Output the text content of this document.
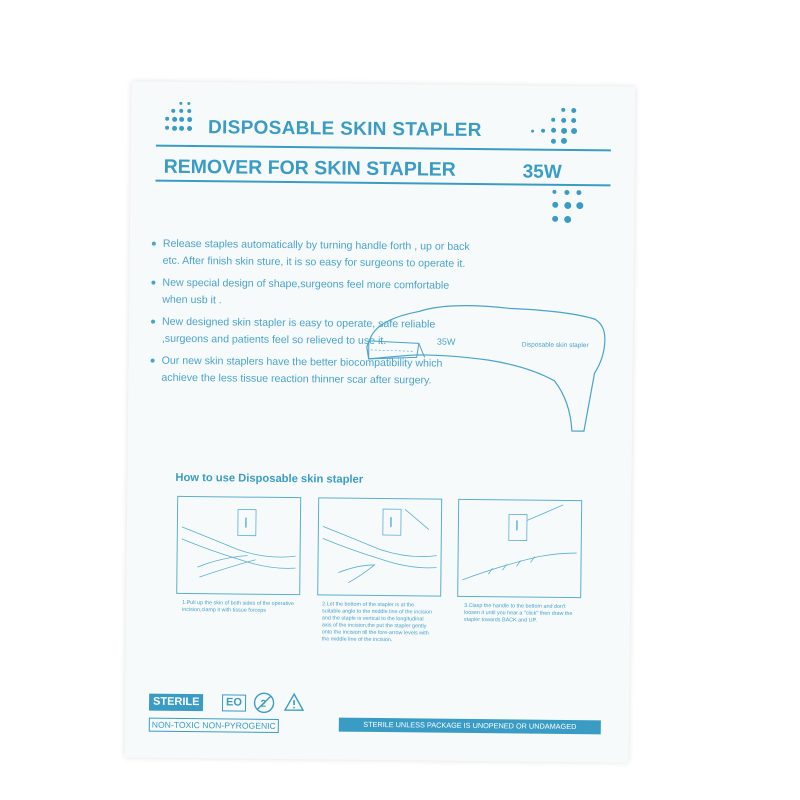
DISPOSABLE SKIN STAPLER
REMOVER FOR SKIN STAPLER	35W
Release staples automatically by turning handle forth , up or back etc. After finish skin sture, it is so easy for surgeons to operate it.
New special design of shape,surgeons feel more comfortable when usb it .
New designed skin stapler is easy to operate, safe reliable ,surgeons and patients feel so relieved to use it.
Our new skin staplers have the better biocompatibility which achieve the less tissue reaction thinner scar after surgery.
35W	Disposable skin stapler
How to use Disposable skin stapler
1.Pull up the skin of both sides of the operative incision,clamp it with tissue forceps
2.Let the bottom of the stapler is at the suitable angle to the middle line of the incision and the staple is vertical to the longitudinal axis of the incision,the put the stapler gently onto the incision till the fore-arrow levels with the middle line of the incision.
3.Clasp the handle to the bottom and don't loosen it until you hear a "click" then draw the stapler towards BACK and UP.
STERILE	EO	2
NON-TOXIC NON-PYROGENIC	STERILE UNLESS PACKAGE IS UNOPENED OR UNDAMAGED
